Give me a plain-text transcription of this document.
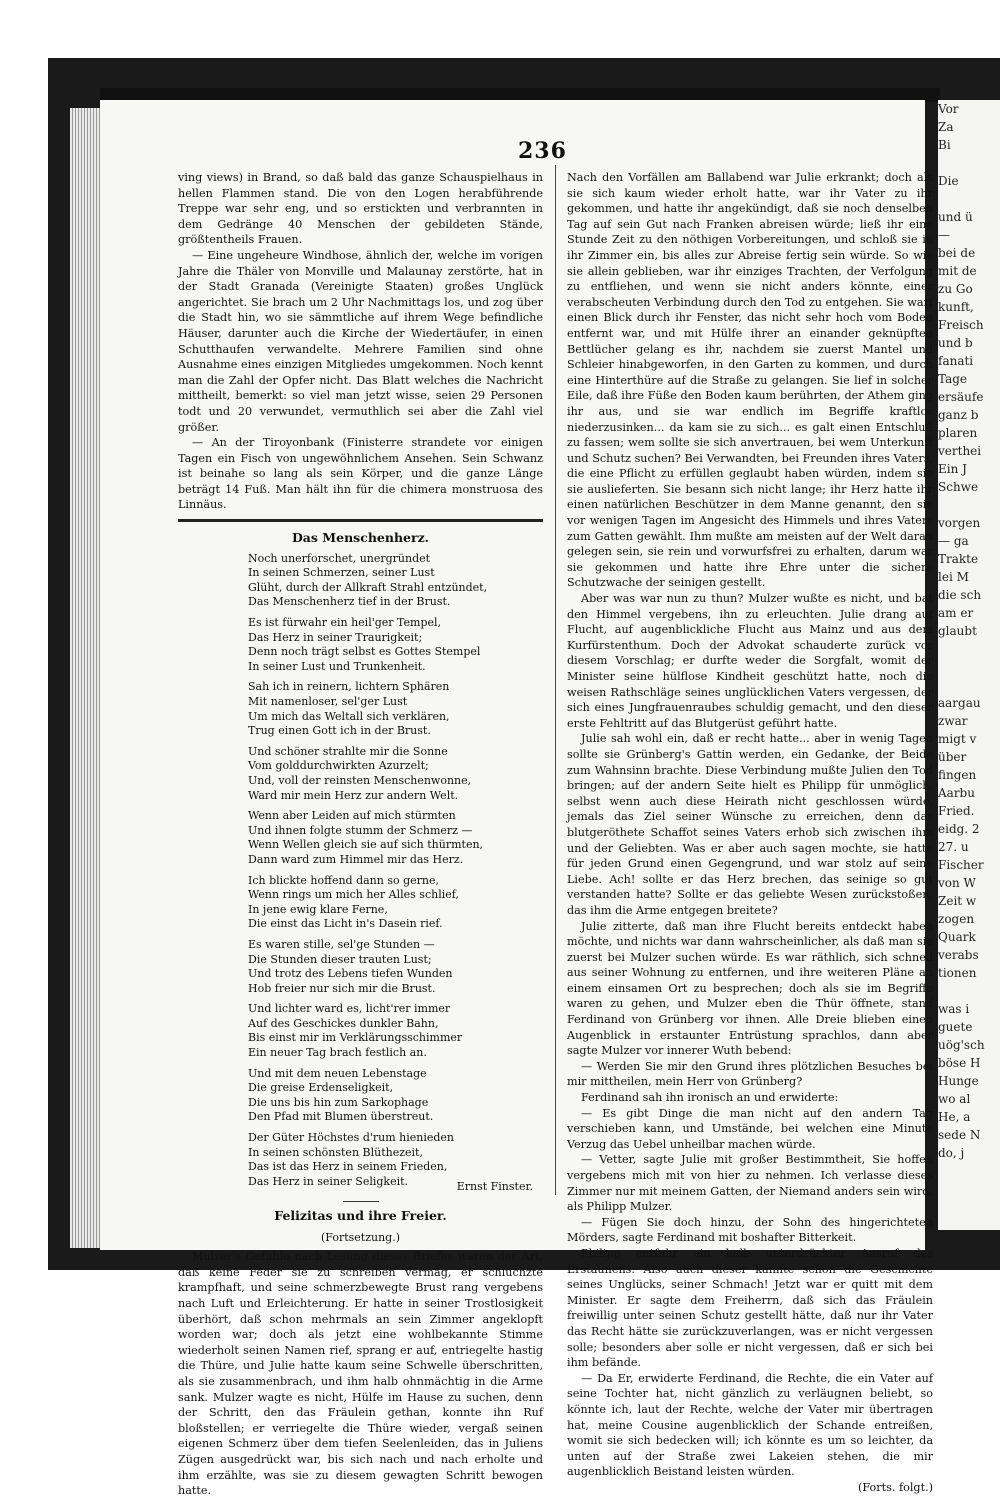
Vor
Za
Bi

Die

und ü
—
bei de
mit de
zu Go
kunft,
Freisch
und b
fanati
Tage
ersäufe
ganz b
plaren
verthei
Ein J
Schwe

vorgen
— ga
Trakte
lei M
die sch
am er
glaubt

aargau
zwar
migt v
über
fingen
Aarbu
Fried.
eidg. 2
27. u
Fischer
von W
Zeit w
zogen
Quark
verabs
tionen

was i
guete
uög'sch
böse H
Hunge
wo al
He, a
sede N
do, j
236

ving views) in Brand, so daß bald das ganze Schauspielhaus in hellen Flammen stand. Die von den Logen herabführende Treppe war sehr eng, und so erstickten und verbrannten in dem Gedränge 40 Menschen der gebildeten Stände, größtentheils Frauen.

— Eine ungeheure Windhose, ähnlich der, welche im vorigen Jahre die Thäler von Monville und Malaunay zerstörte, hat in der Stadt Granada (Vereinigte Staaten) großes Unglück angerichtet. Sie brach um 2 Uhr Nachmittags los, und zog über die Stadt hin, wo sie sämmtliche auf ihrem Wege befindliche Häuser, darunter auch die Kirche der Wiedertäufer, in einen Schutthaufen verwandelte. Mehrere Familien sind ohne Ausnahme eines einzigen Mitgliedes umgekommen. Noch kennt man die Zahl der Opfer nicht. Das Blatt welches die Nachricht mittheilt, bemerkt: so viel man jetzt wisse, seien 29 Personen todt und 20 verwundet, vermuthlich sei aber die Zahl viel größer.

— An der Tiroyonbank (Finisterre strandete vor einigen Tagen ein Fisch von ungewöhnlichem Ansehen. Sein Schwanz ist beinahe so lang als sein Körper, und die ganze Länge beträgt 14 Fuß. Man hält ihn für die chimera monstruosa des Linnäus.

Das Menschenherz.
Noch unerforschet, unergründet
In seinen Schmerzen, seiner Lust
Glüht, durch der Allkraft Strahl entzündet,
Das Menschenherz tief in der Brust.
Es ist fürwahr ein heil'ger Tempel,
Das Herz in seiner Traurigkeit;
Denn noch trägt selbst es Gottes Stempel
In seiner Lust und Trunkenheit.
Sah ich in reinern, lichtern Sphären
Mit namenloser, sel'ger Lust
Um mich das Weltall sich verklären,
Trug einen Gott ich in der Brust.
Und schöner strahlte mir die Sonne
Vom golddurchwirkten Azurzelt;
Und, voll der reinsten Menschenwonne,
Ward mir mein Herz zur andern Welt.
Wenn aber Leiden auf mich stürmten
Und ihnen folgte stumm der Schmerz —
Wenn Wellen gleich sie auf sich thürmten,
Dann ward zum Himmel mir das Herz.
Ich blickte hoffend dann so gerne,
Wenn rings um mich her Alles schlief,
In jene ewig klare Ferne,
Die einst das Licht in's Dasein rief.
Es waren stille, sel'ge Stunden —
Die Stunden dieser trauten Lust;
Und trotz des Lebens tiefen Wunden
Hob freier nur sich mir die Brust.
Und lichter ward es, licht'rer immer
Auf des Geschickes dunkler Bahn,
Bis einst mir im Verklärungsschimmer
Ein neuer Tag brach festlich an.
Und mit dem neuen Lebenstage
Die greise Erdenseligkeit,
Die uns bis hin zum Sarkophage
Den Pfad mit Blumen überstreut.
Der Güter Höchstes d'rum hienieden
In seinen schönsten Blüthezeit,
Das ist das Herz in seinem Frieden,
Das Herz in seiner Seligkeit.	Ernst Finster.
Felizitas und ihre Freier.
(Fortsetzung.)

Mulzer's Gefühle nach Lesung dieses Briefes waren der Art, daß keine Feder sie zu schreiben vermag, er schluchzte krampfhaft, und seine schmerzbewegte Brust rang vergebens nach Luft und Erleichterung. Er hatte in seiner Trostlosigkeit überhört, daß schon mehrmals an sein Zimmer angeklopft worden war; doch als jetzt eine wohlbekannte Stimme wiederholt seinen Namen rief, sprang er auf, entriegelte hastig die Thüre, und Julie hatte kaum seine Schwelle überschritten, als sie zusammenbrach, und ihm halb ohnmächtig in die Arme sank. Mulzer wagte es nicht, Hülfe im Hause zu suchen, denn der Schritt, den das Fräulein gethan, konnte ihn Ruf bloßstellen; er verriegelte die Thüre wieder, vergaß seinen eigenen Schmerz über dem tiefen Seelenleiden, das in Juliens Zügen ausgedrückt war, bis sich nach und nach erholte und ihm erzählte, was sie zu diesem gewagten Schritt bewogen hatte.

Nach den Vorfällen am Ballabend war Julie erkrankt; doch als sie sich kaum wieder erholt hatte, war ihr Vater zu ihr gekommen, und hatte ihr angekündigt, daß sie noch denselben Tag auf sein Gut nach Franken abreisen würde; ließ ihr eine Stunde Zeit zu den nöthigen Vorbereitungen, und schloß sie in ihr Zimmer ein, bis alles zur Abreise fertig sein würde. So wie sie allein geblieben, war ihr einziges Trachten, der Verfolgung zu entfliehen, und wenn sie nicht anders könnte, einer verabscheuten Verbindung durch den Tod zu entgehen. Sie warf einen Blick durch ihr Fenster, das nicht sehr hoch vom Boden entfernt war, und mit Hülfe ihrer an einander geknüpften Bettlücher gelang es ihr, nachdem sie zuerst Mantel und Schleier hinabgeworfen, in den Garten zu kommen, und durch eine Hinterthüre auf die Straße zu gelangen. Sie lief in solcher Eile, daß ihre Füße den Boden kaum berührten, der Athem ging ihr aus, und sie war endlich im Begriffe kraftlos niederzusinken... da kam sie zu sich... es galt einen Entschluß zu fassen; wem sollte sie sich anvertrauen, bei wem Unterkunft und Schutz suchen? Bei Verwandten, bei Freunden ihres Vaters, die eine Pflicht zu erfüllen geglaubt haben würden, indem sie sie auslieferten. Sie besann sich nicht lange; ihr Herz hatte ihr einen natürlichen Beschützer in dem Manne genannt, den sie vor wenigen Tagen im Angesicht des Himmels und ihres Vaters zum Gatten gewählt. Ihm mußte am meisten auf der Welt daran gelegen sein, sie rein und vorwurfsfrei zu erhalten, darum war sie gekommen und hatte ihre Ehre unter die sichere Schutzwache der seinigen gestellt.

Aber was war nun zu thun? Mulzer wußte es nicht, und bat den Himmel vergebens, ihn zu erleuchten. Julie drang auf Flucht, auf augenblickliche Flucht aus Mainz und aus dem Kurfürstenthum. Doch der Advokat schauderte zurück vor diesem Vorschlag; er durfte weder die Sorgfalt, womit der Minister seine hülflose Kindheit geschützt hatte, noch die weisen Rathschläge seines unglücklichen Vaters vergessen, der sich eines Jungfrauenraubes schuldig gemacht, und den dieser erste Fehltritt auf das Blutgerüst geführt hatte.

Julie sah wohl ein, daß er recht hatte... aber in wenig Tagen sollte sie Grünberg's Gattin werden, ein Gedanke, der Beide zum Wahnsinn brachte. Diese Verbindung mußte Julien den Tod bringen; auf der andern Seite hielt es Philipp für unmöglich, selbst wenn auch diese Heirath nicht geschlossen würde, jemals das Ziel seiner Wünsche zu erreichen, denn das blutgeröthete Schaffot seines Vaters erhob sich zwischen ihm und der Geliebten. Was er aber auch sagen mochte, sie hatte für jeden Grund einen Gegengrund, und war stolz auf seine Liebe. Ach! sollte er das Herz brechen, das seinige so gut verstanden hatte? Sollte er das geliebte Wesen zurückstoßen, das ihm die Arme entgegen breitete?

Julie zitterte, daß man ihre Flucht bereits entdeckt haben möchte, und nichts war dann wahrscheinlicher, als daß man sie zuerst bei Mulzer suchen würde. Es war räthlich, sich schnell aus seiner Wohnung zu entfernen, und ihre weiteren Pläne an einem einsamen Ort zu besprechen; doch als sie im Begriffe waren zu gehen, und Mulzer eben die Thür öffnete, stand Ferdinand von Grünberg vor ihnen. Alle Dreie blieben einen Augenblick in erstaunter Entrüstung sprachlos, dann aber sagte Mulzer vor innerer Wuth bebend:

— Werden Sie mir den Grund ihres plötzlichen Besuches bei mir mittheilen, mein Herr von Grünberg?

Ferdinand sah ihn ironisch an und erwiderte:

— Es gibt Dinge die man nicht auf den andern Tag verschieben kann, und Umstände, bei welchen eine Minute Verzug das Uebel unheilbar machen würde.

— Vetter, sagte Julie mit großer Bestimmtheit, Sie hoffen vergebens mich mit von hier zu nehmen. Ich verlasse dieses Zimmer nur mit meinem Gatten, der Niemand anders sein wird, als Philipp Mulzer.

— Fügen Sie doch hinzu, der Sohn des hingerichteten Mörders, sagte Ferdinand mit boshafter Bitterkeit.

Philipp entfuhr ein halb unterdrückter Ausruf des Erstaunens. Also auch dieser kannte schon die Geschichte seines Unglücks, seiner Schmach! Jetzt war er quitt mit dem Minister. Er sagte dem Freiherrn, daß sich das Fräulein freiwillig unter seinen Schutz gestellt hätte, daß nur ihr Vater das Recht hätte sie zurückzuverlangen, was er nicht vergessen solle; besonders aber solle er nicht vergessen, daß er sich bei ihm befände.

— Da Er, erwiderte Ferdinand, die Rechte, die ein Vater auf seine Tochter hat, nicht gänzlich zu verläugnen beliebt, so könnte ich, laut der Rechte, welche der Vater mir übertragen hat, meine Cousine augenblicklich der Schande entreißen, womit sie sich bedecken will; ich könnte es um so leichter, da unten auf der Straße zwei Lakeien stehen, die mir augenblicklich Beistand leisten würden.

(Forts. folgt.)
